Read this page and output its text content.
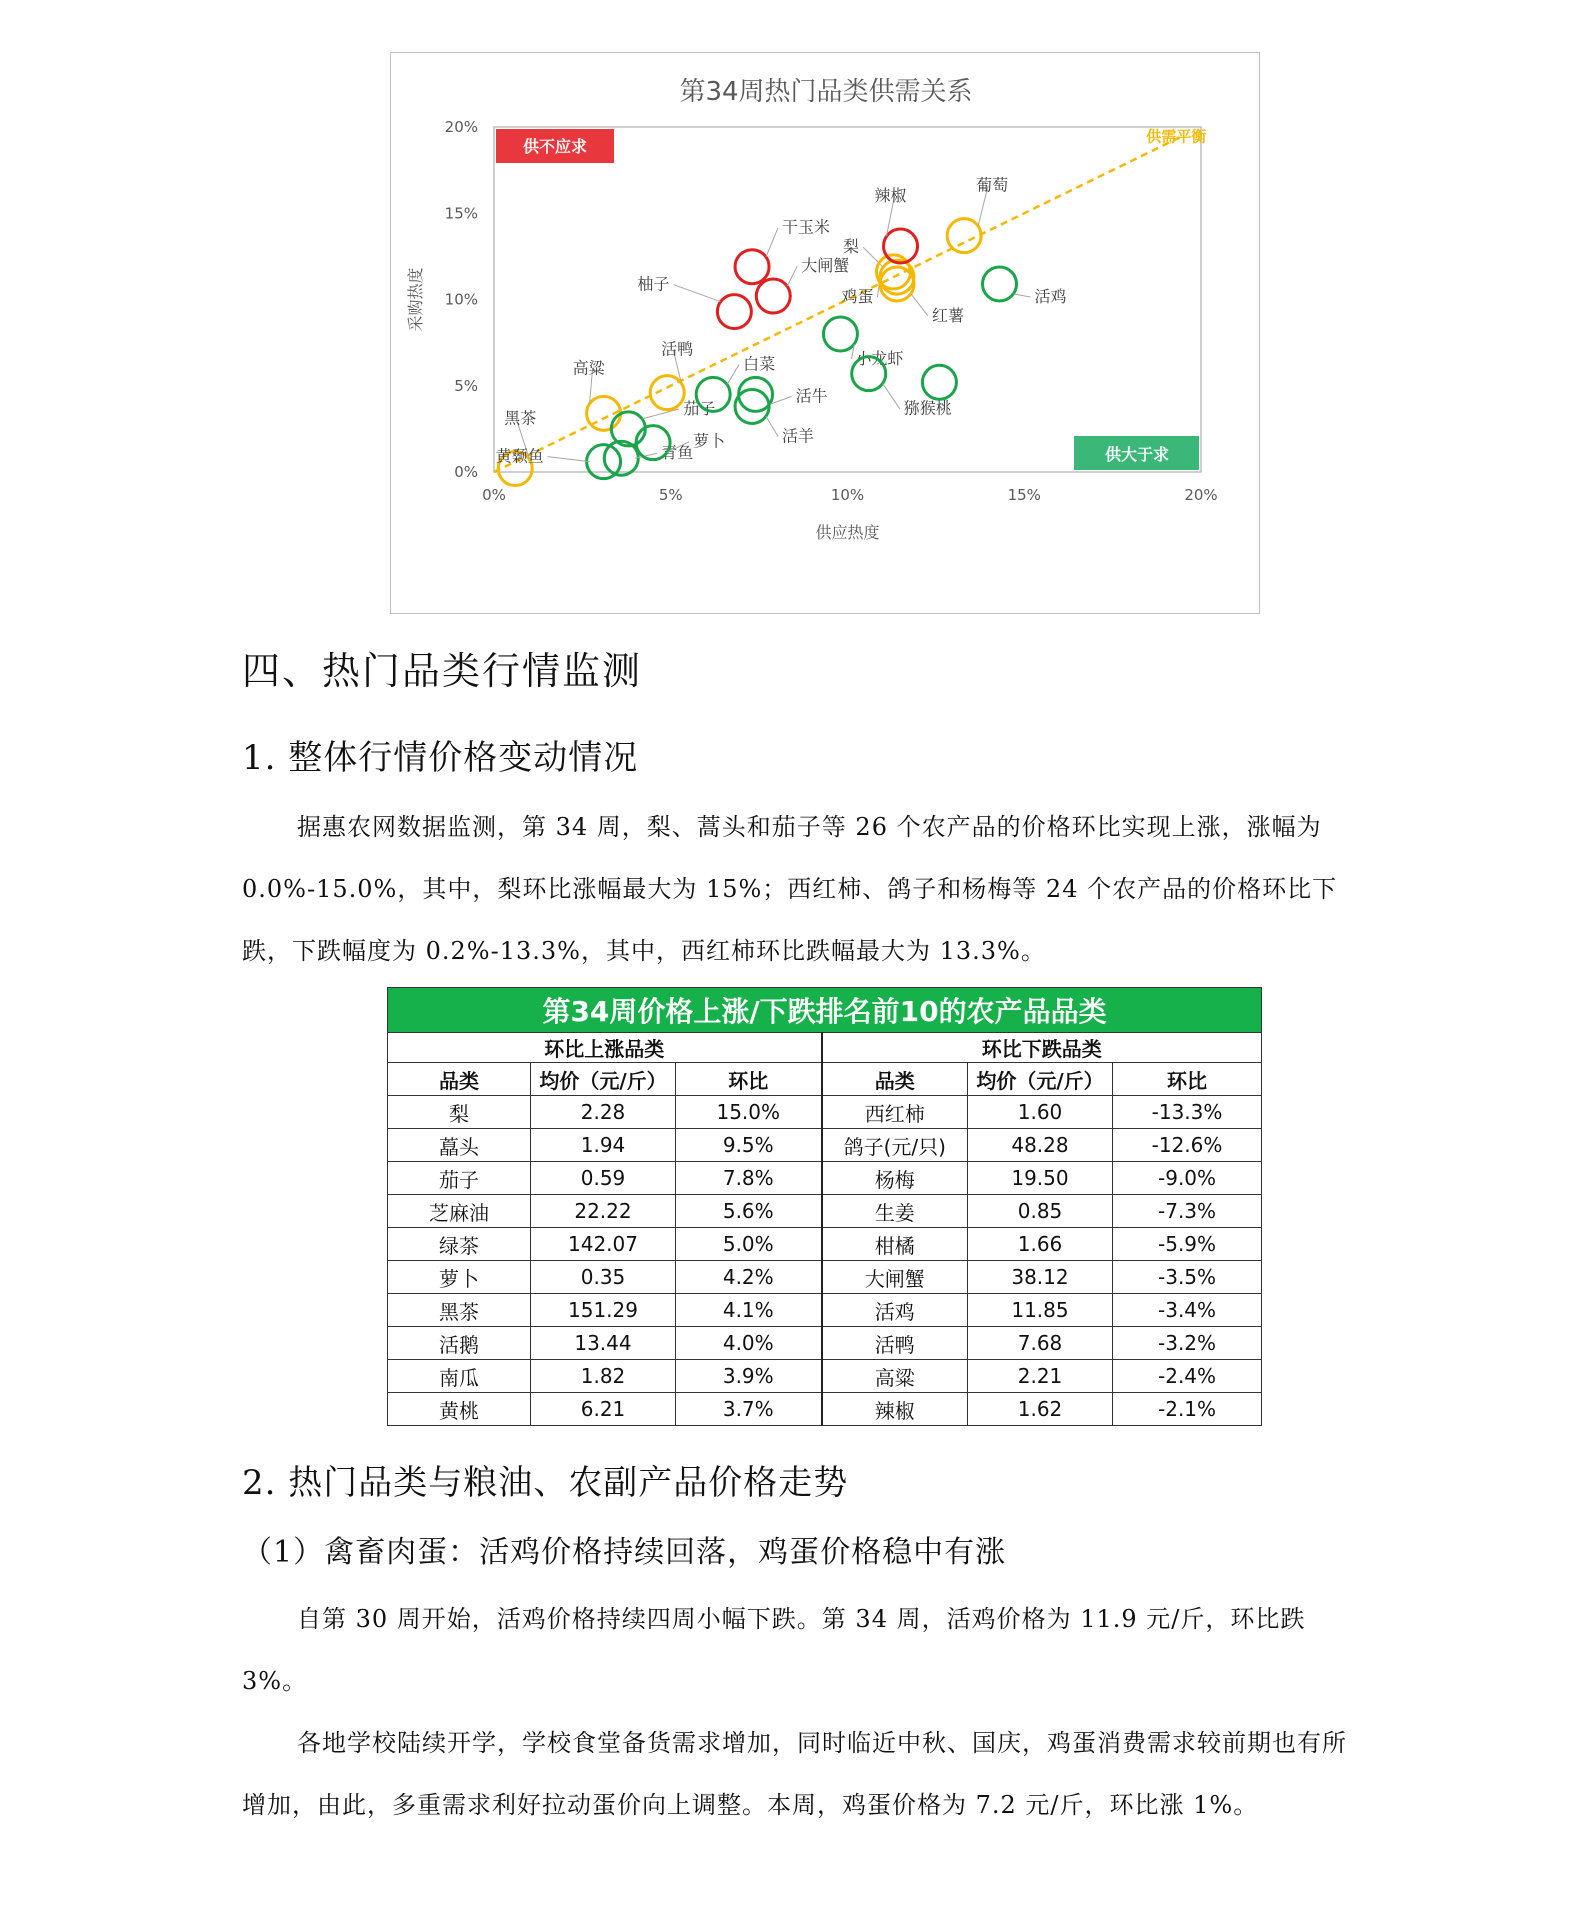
第34周热门品类供需关系
0%	5%	10%	15%	20%
0%
5%
10%
15%
20%
供应热度
采购热度
供需平衡
供不应求
供大于求
黑茶
黄颡鱼	青鱼
高粱
茄子
萝卜
活鸭
白菜
活牛
活羊
柚子
大闸蟹
干玉米
小龙虾
猕猴桃
梨
鸡蛋
红薯
辣椒
葡萄
活鸡
四、热门品类行情监测
1. 整体行情价格变动情况

据惠农网数据监测，第 34 周，梨、蒿头和茄子等 26 个农产品的价格环比实现上涨，涨幅为 0.0%-15.0%，其中，梨环比涨幅最大为 15%；西红柿、鸽子和杨梅等 24 个农产品的价格环比下跌，下跌幅度为 0.2%-13.3%，其中，西红柿环比跌幅最大为 13.3%。

第34周价格上涨/下跌排名前10的农产品品类					
环比上涨品类			环比下跌品类		
品类	均价（元/斤）	环比	品类	均价（元/斤）	环比
梨	2.28	15.0%	西红柿	1.60	-13.3%
藠头	1.94	9.5%	鸽子(元/只)	48.28	-12.6%
茄子	0.59	7.8%	杨梅	19.50	-9.0%
芝麻油	22.22	5.6%	生姜	0.85	-7.3%
绿茶	142.07	5.0%	柑橘	1.66	-5.9%
萝卜	0.35	4.2%	大闸蟹	38.12	-3.5%
黑茶	151.29	4.1%	活鸡	11.85	-3.4%
活鹅	13.44	4.0%	活鸭	7.68	-3.2%
南瓜	1.82	3.9%	高粱	2.21	-2.4%
黄桃	6.21	3.7%	辣椒	1.62	-2.1%
2. 热门品类与粮油、农副产品价格走势
（1）禽畜肉蛋：活鸡价格持续回落，鸡蛋价格稳中有涨

自第 30 周开始，活鸡价格持续四周小幅下跌。第 34 周，活鸡价格为 11.9 元/斤，环比跌 3%。

各地学校陆续开学，学校食堂备货需求增加，同时临近中秋、国庆，鸡蛋消费需求较前期也有所增加，由此，多重需求利好拉动蛋价向上调整。本周，鸡蛋价格为 7.2 元/斤，环比涨 1%。
